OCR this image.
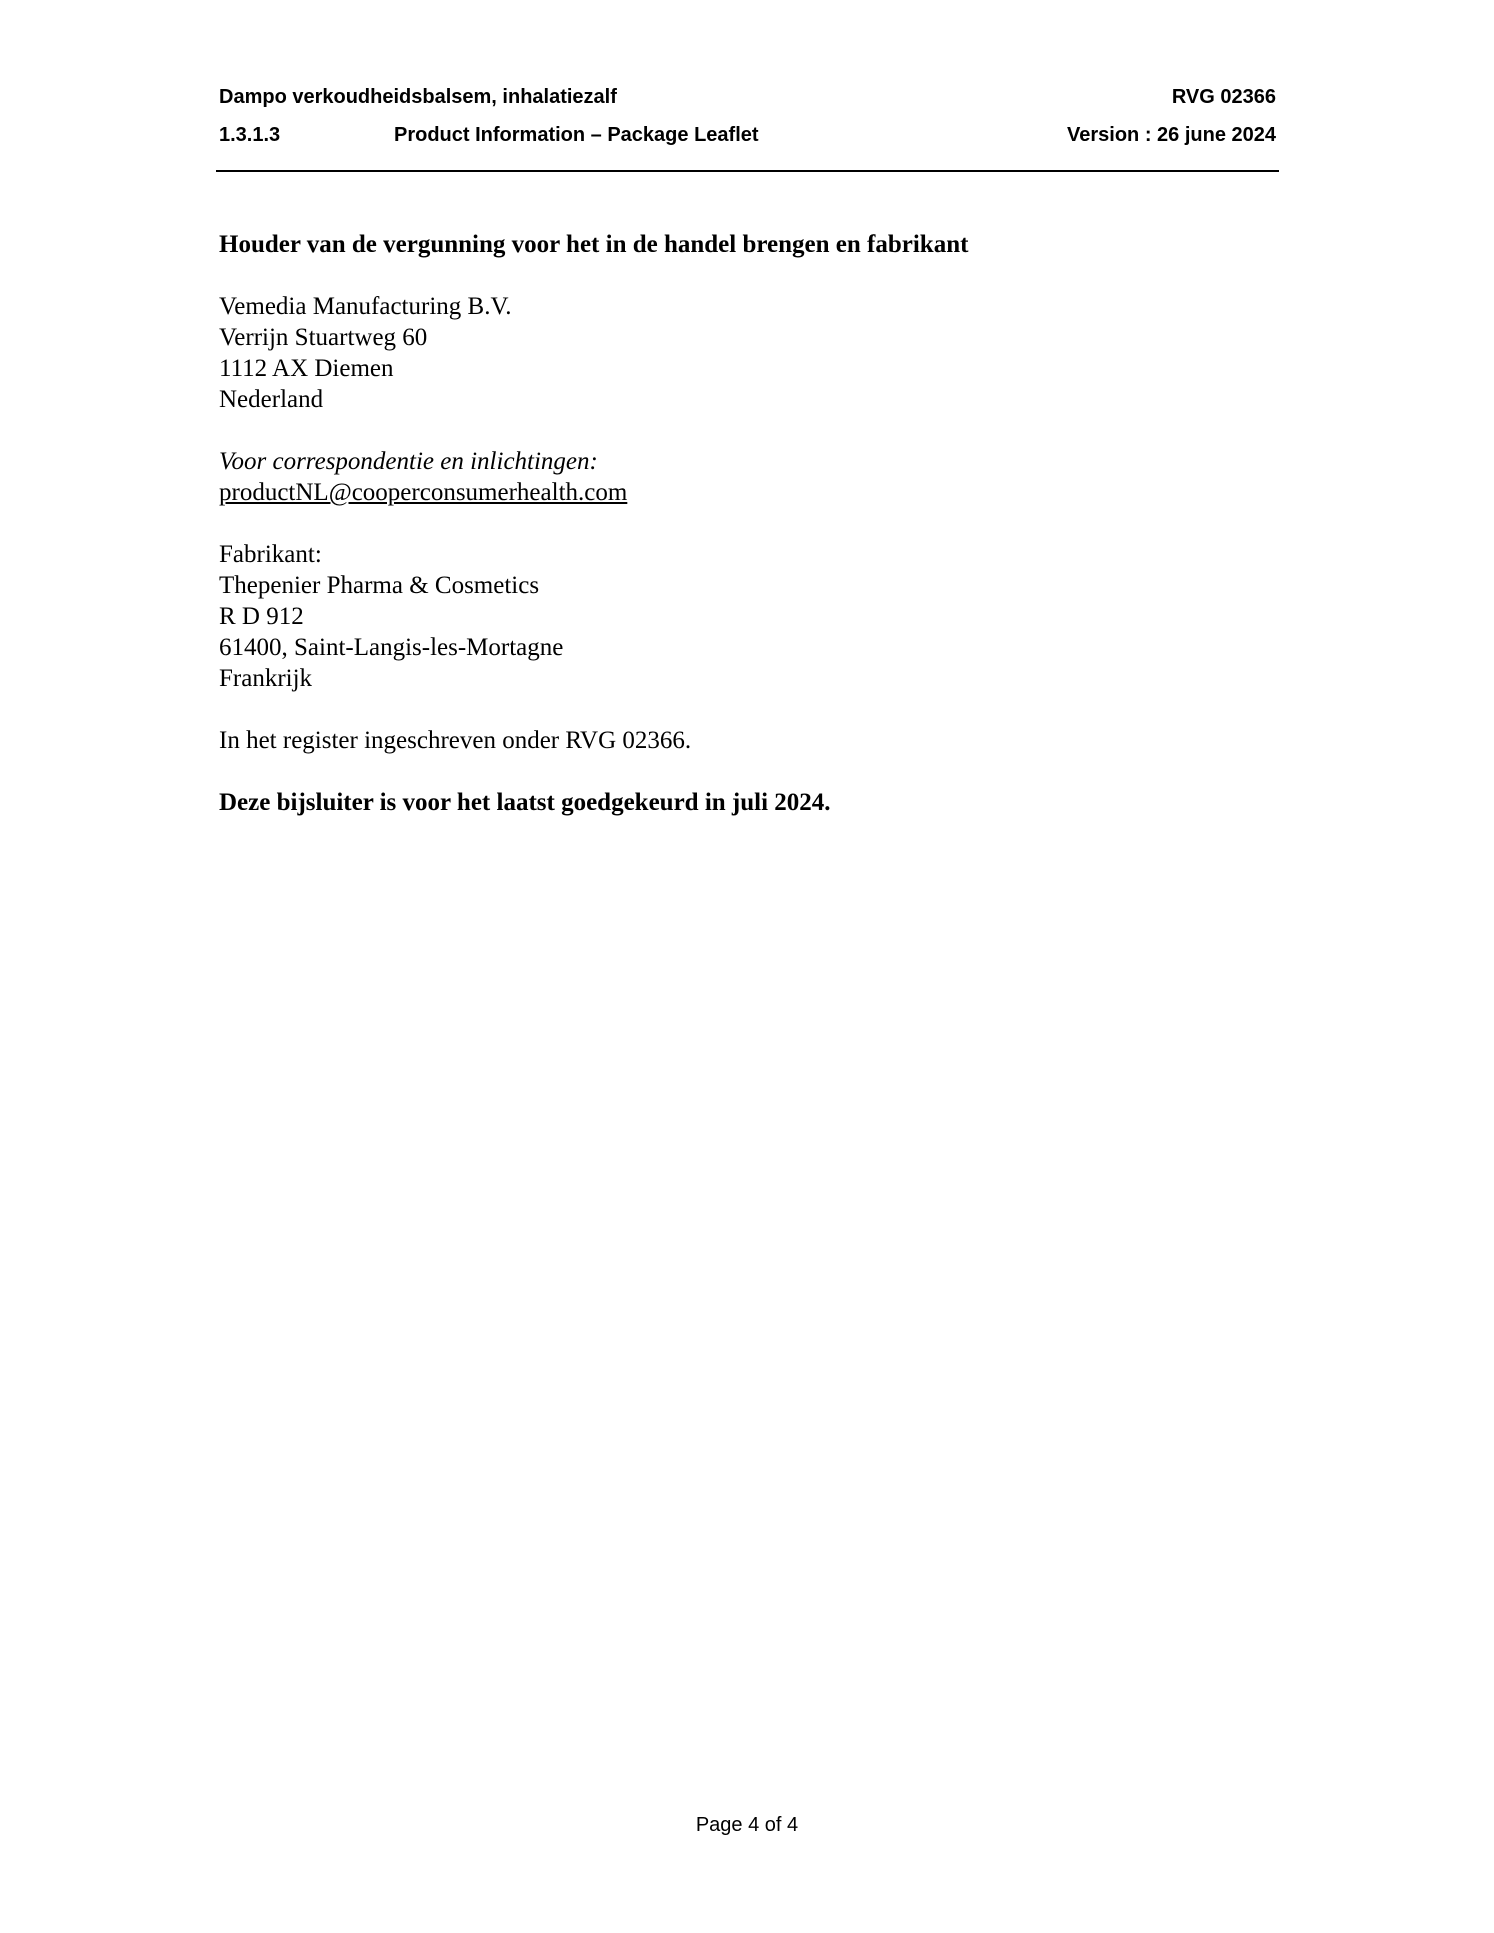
Dampo verkoudheidsbalsem, inhalatiezalf	RVG 02366
1.3.1.3	Product Information – Package Leaflet	Version : 26 june 2024
Houder van de vergunning voor het in de handel brengen en fabrikant
Vemedia Manufacturing B.V.
Verrijn Stuartweg 60
1112 AX Diemen
Nederland
Voor correspondentie en inlichtingen:
productNL@cooperconsumerhealth.com
Fabrikant:
Thepenier Pharma & Cosmetics
R D 912
61400, Saint-Langis-les-Mortagne
Frankrijk
In het register ingeschreven onder RVG 02366.
Deze bijsluiter is voor het laatst goedgekeurd in juli 2024.
Page 4 of 4
